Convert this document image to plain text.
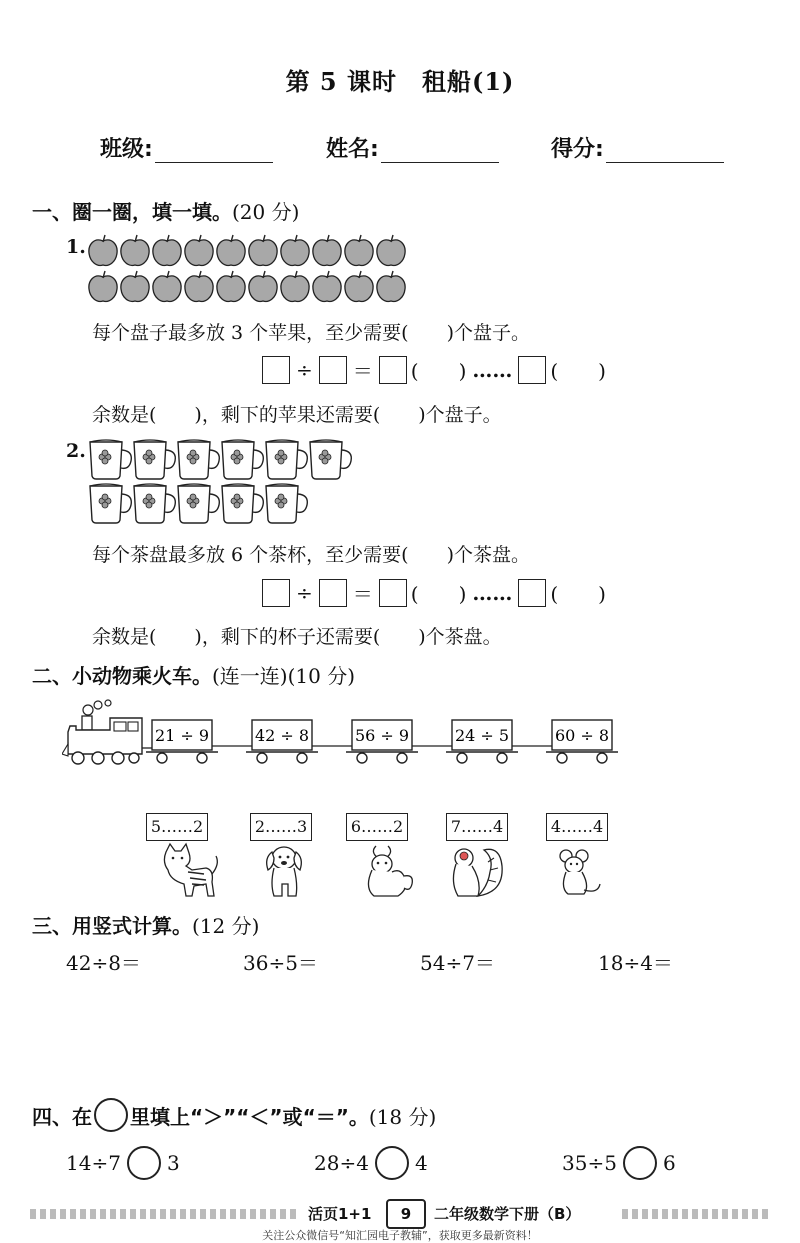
第 5 课时　租船(1)
班级:	姓名:	得分:
一、圈一圈，填一填。(20 分)
1.
每个盘子最多放 3 个苹果，至少需要(　　)个盘子。
÷ ＝ (　　) …… (　　)
余数是(　　)，剩下的苹果还需要(　　)个盘子。
2.
每个茶盘最多放 6 个茶杯，至少需要(　　)个茶盘。
÷ ＝ (　　) …… (　　)
余数是(　　)，剩下的杯子还需要(　　)个茶盘。
二、小动物乘火车。(连一连)(10 分)
21 ÷ 9	42 ÷ 8	56 ÷ 9	24 ÷ 5	60 ÷ 8
5……2	2……3	6……2	7……4	4……4
三、用竖式计算。(12 分)
42÷8＝	36÷5＝	54÷7＝	18÷4＝
四、在 里填上“＞”“＜”或“＝”。 (18 分)
14÷7 3	28÷4 4	35÷5 6
活页1+1	9	二年级数学下册（B）
关注公众微信号“知汇园电子教辅”，获取更多最新资料！
